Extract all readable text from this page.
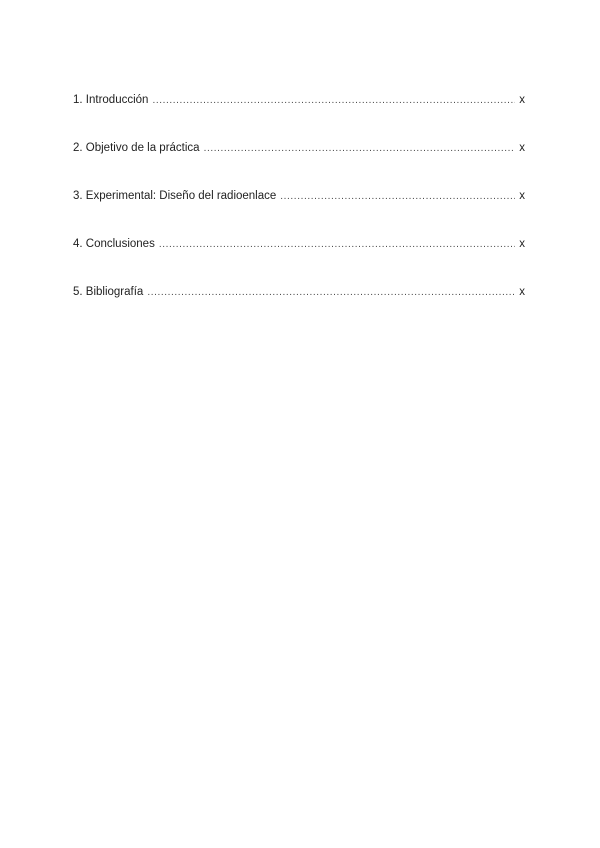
1. Introducción .....	x
2. Objetivo de la práctica .....	x
3. Experimental: Diseño del radioenlace .....	x
4. Conclusiones .....	x
5. Bibliografía .....	x
